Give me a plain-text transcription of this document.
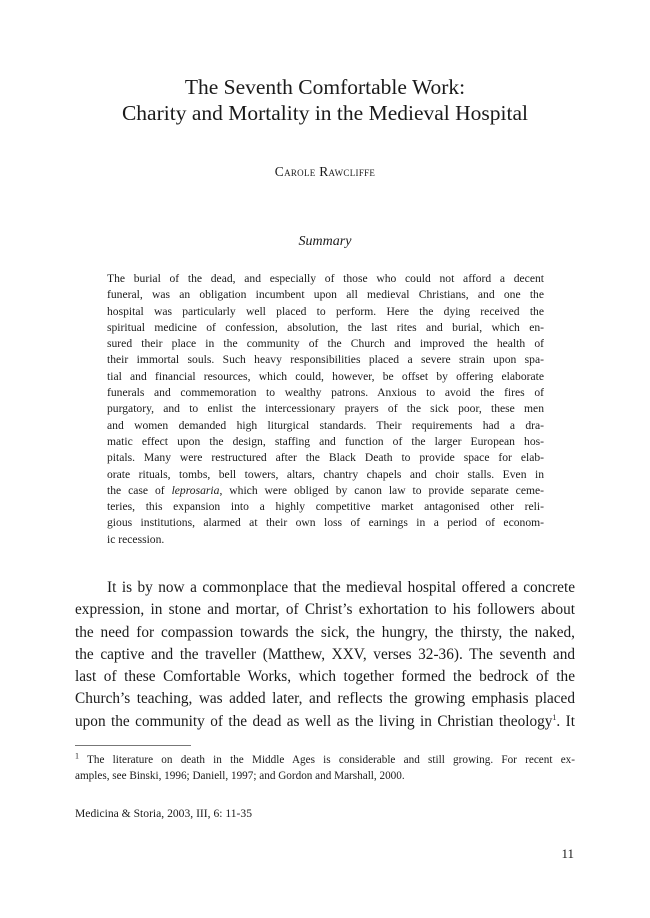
The Seventh Comfortable Work:
Charity and Mortality in the Medieval Hospital
Carole Rawcliffe
Summary
The burial of the dead, and especially of those who could not afford a decent
funeral, was an obligation incumbent upon all medieval Christians, and one the
hospital was particularly well placed to perform. Here the dying received the
spiritual medicine of confession, absolution, the last rites and burial, which en-
sured their place in the community of the Church and improved the health of
their immortal souls. Such heavy responsibilities placed a severe strain upon spa-
tial and financial resources, which could, however, be offset by offering elaborate
funerals and commemoration to wealthy patrons. Anxious to avoid the fires of
purgatory, and to enlist the intercessionary prayers of the sick poor, these men
and women demanded high liturgical standards. Their requirements had a dra-
matic effect upon the design, staffing and function of the larger European hos-
pitals. Many were restructured after the Black Death to provide space for elab-
orate rituals, tombs, bell towers, altars, chantry chapels and choir stalls. Even in
the case of leprosaria, which were obliged by canon law to provide separate ceme-
teries, this expansion into a highly competitive market antagonised other reli-
gious institutions, alarmed at their own loss of earnings in a period of econom-
ic recession.
It is by now a commonplace that the medieval hospital offered a concrete
expression, in stone and mortar, of Christ’s exhortation to his followers about
the need for compassion towards the sick, the hungry, the thirsty, the naked,
the captive and the traveller (Matthew, XXV, verses 32-36). The seventh and
last of these Comfortable Works, which together formed the bedrock of the
Church’s teaching, was added later, and reflects the growing emphasis placed
upon the community of the dead as well as the living in Christian theology$^1$. It
$^1$ The literature on death in the Middle Ages is considerable and still growing. For recent ex-
amples, see Binski, 1996; Daniell, 1997; and Gordon and Marshall, 2000.
Medicina & Storia, 2003, III, 6: 11-35
11
